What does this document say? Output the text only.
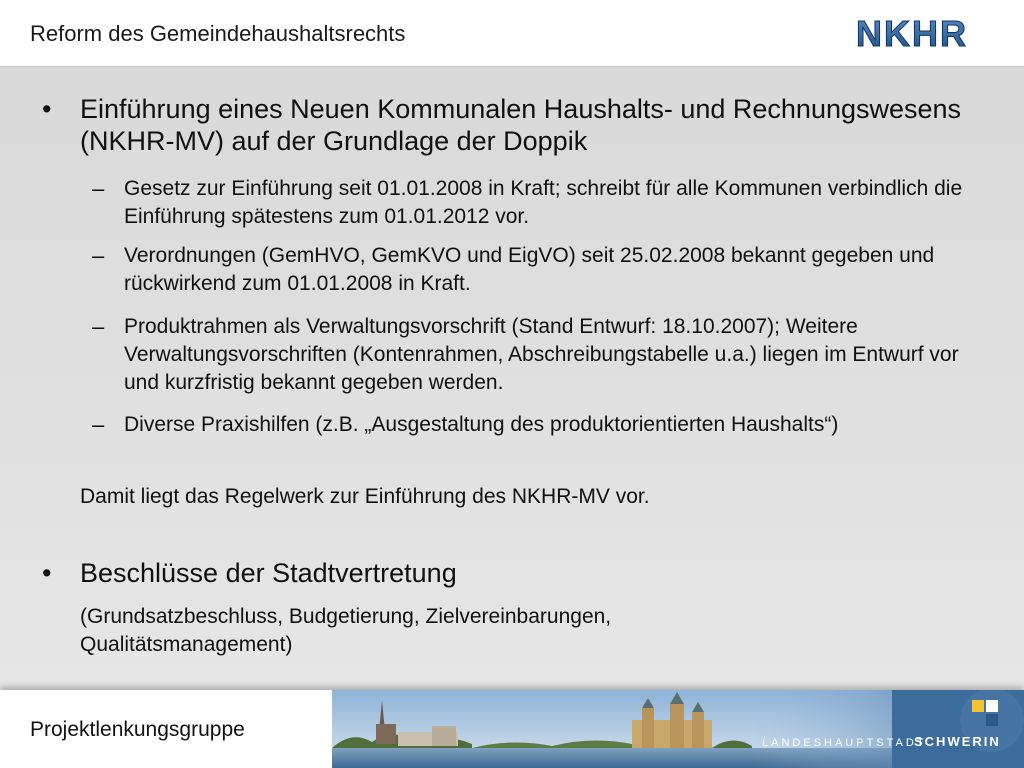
Reform des Gemeindehaushaltsrechts	NKHR
• Einführung eines Neuen Kommunalen Haushalts- und Rechnungswesens (NKHR-MV) auf der Grundlage der Doppik
– Gesetz zur Einführung seit 01.01.2008 in Kraft; schreibt für alle Kommunen verbindlich die Einführung spätestens zum 01.01.2012 vor.
– Verordnungen (GemHVO, GemKVO und EigVO) seit 25.02.2008 bekannt gegeben und rückwirkend zum 01.01.2008 in Kraft.
– Produktrahmen als Verwaltungsvorschrift (Stand Entwurf: 18.10.2007); Weitere Verwaltungsvorschriften (Kontenrahmen, Abschreibungstabelle u.a.) liegen im Entwurf vor und kurzfristig bekannt gegeben werden.
– Diverse Praxishilfen (z.B. „Ausgestaltung des produktorientierten Haushalts“)
Damit liegt das Regelwerk zur Einführung des NKHR-MV vor.
• Beschlüsse der Stadtvertretung
(Grundsatzbeschluss, Budgetierung, Zielvereinbarungen, Qualitätsmanagement)
Projektlenkungsgruppe
LANDESHAUPTSTADT
SCHWERIN
